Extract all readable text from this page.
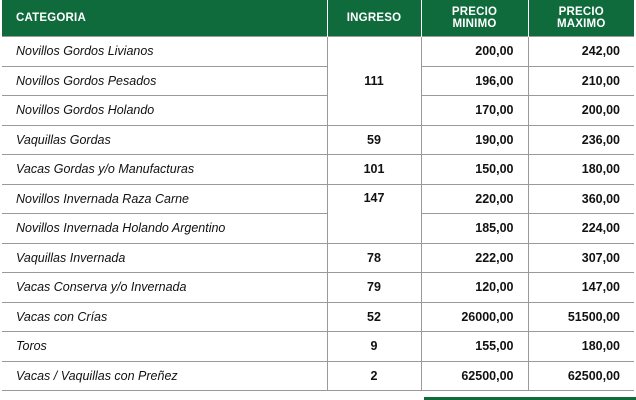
CATEGORIA	INGRESO	PRECIO MINIMO	PRECIO MAXIMO
Novillos Gordos Livianos	111	200,00	242,00
Novillos Gordos Pesados		196,00	210,00
Novillos Gordos Holando		170,00	200,00
Vaquillas Gordas	59	190,00	236,00
Vacas Gordas y/o Manufacturas	101	150,00	180,00
Novillos Invernada Raza Carne	147	220,00	360,00
Novillos Invernada Holando Argentino		185,00	224,00
Vaquillas Invernada	78	222,00	307,00
Vacas Conserva y/o Invernada	79	120,00	147,00
Vacas con Crías	52	26000,00	51500,00
Toros	9	155,00	180,00
Vacas / Vaquillas con Preñez	2	62500,00	62500,00
